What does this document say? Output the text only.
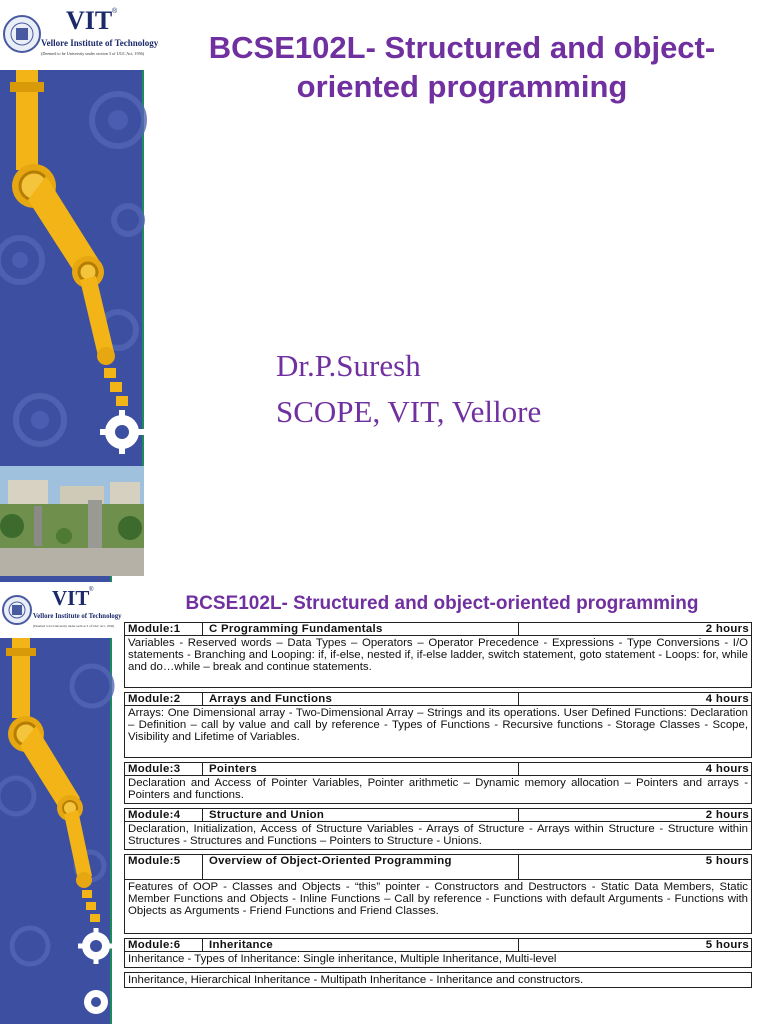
VIT ®
Vellore Institute of Technology
(Deemed to be University under section 3 of UGC Act, 1956)	BCSE102L- Structured and object-oriented programming
Dr.P.Suresh
SCOPE, VIT, Vellore
VIT ®
Vellore Institute of Technology
(Deemed to be University under section 3 of UGC Act, 1956)
BCSE102L- Structured and object-oriented programming
Module:1	C Programming Fundamentals	2 hours
Variables - Reserved words – Data Types – Operators – Operator Precedence - Expressions - Type Conversions - I/O statements - Branching and Looping: if, if-else, nested if, if-else ladder, switch statement, goto statement - Loops: for, while and do…while – break and continue statements.
Module:2	Arrays and Functions	4 hours
Arrays: One Dimensional array - Two-Dimensional Array – Strings and its operations. User Defined Functions: Declaration – Definition – call by value and call by reference - Types of Functions - Recursive functions - Storage Classes - Scope, Visibility and Lifetime of Variables.
Module:3	Pointers	4 hours
Declaration and Access of Pointer Variables, Pointer arithmetic – Dynamic memory allocation – Pointers and arrays - Pointers and functions.
Module:4	Structure and Union	2 hours
Declaration, Initialization, Access of Structure Variables - Arrays of Structure - Arrays within Structure - Structure within Structures - Structures and Functions – Pointers to Structure - Unions.
Module:5	Overview of Object-Oriented Programming	5 hours
Features of OOP - Classes and Objects - “this” pointer - Constructors and Destructors - Static Data Members, Static Member Functions and Objects - Inline Functions – Call by reference - Functions with default Arguments - Functions with Objects as Arguments - Friend Functions and Friend Classes.
Module:6	Inheritance	5 hours
Inheritance - Types of Inheritance: Single inheritance, Multiple Inheritance, Multi-level
Inheritance, Hierarchical Inheritance - Multipath Inheritance - Inheritance and constructors.
